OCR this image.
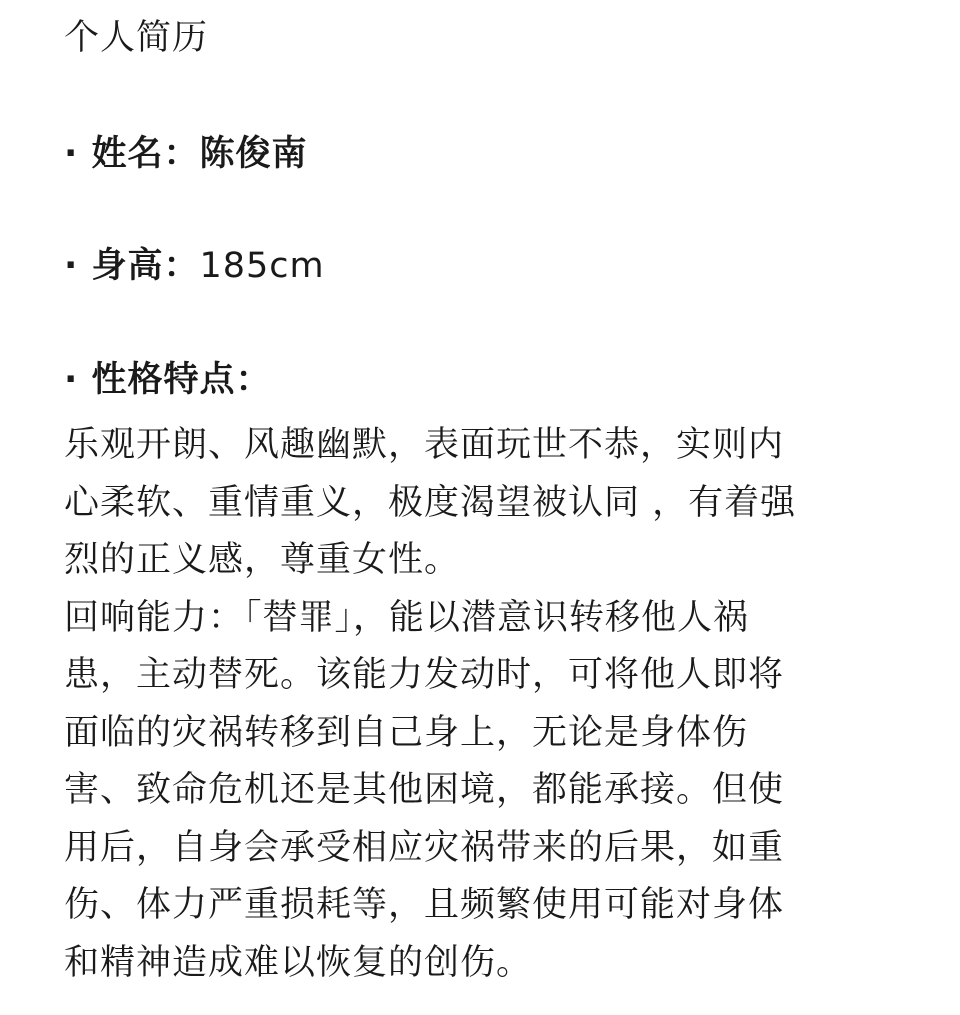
个人简历
· 姓名：陈俊南
· 身高：185cm
· 性格特点：
乐观开朗、风趣幽默，表面玩世不恭，实则内
心柔软、重情重义，极度渴望被认同 ，有着强
烈的正义感，尊重女性。
回响能力：「替罪」，能以潜意识转移他人祸
患，主动替死。该能力发动时，可将他人即将
面临的灾祸转移到自己身上，无论是身体伤
害、致命危机还是其他困境，都能承接。但使
用后，自身会承受相应灾祸带来的后果，如重
伤、体力严重损耗等，且频繁使用可能对身体
和精神造成难以恢复的创伤。
